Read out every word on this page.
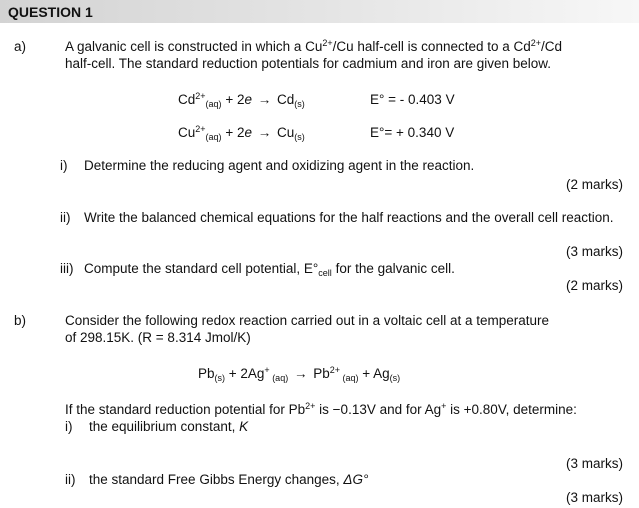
QUESTION 1
a)	A galvanic cell is constructed in which a $Cu^{2+}/Cu$ half-cell is connected to a $Cd^{2+}/Cd$
half-cell. The standard reduction potentials for cadmium and iron are given below.
$Cd^{2+}_{(aq)} + 2e \to Cd_{(s)}$	E° = - 0.403 V
$Cu^{2+}_{(aq)} + 2e \to Cu_{(s)}$	E°= + 0.340 V
i) Determine the reducing agent and oxidizing agent in the reaction.
(2 marks)
ii) Write the balanced chemical equations for the half reactions and the overall cell reaction.
(3 marks)
iii) Compute the standard cell potential, $E^\circ_{cell}$ for the galvanic cell.
(2 marks)
b)	Consider the following redox reaction carried out in a voltaic cell at a temperature
of 298.15K. (R = 8.314 Jmol/K)
$Pb_{(s)} + 2Ag^+$ $_{(aq)} \to Pb^{2+}$ $_{(aq)} + Ag_{(s)}$
If the standard reduction potential for $Pb^{2+}$ is −0.13V and for Ag+ is +0.80V, determine:
i) the equilibrium constant, K
(3 marks)
ii) the standard Free Gibbs Energy changes, ΔG°
(3 marks)
